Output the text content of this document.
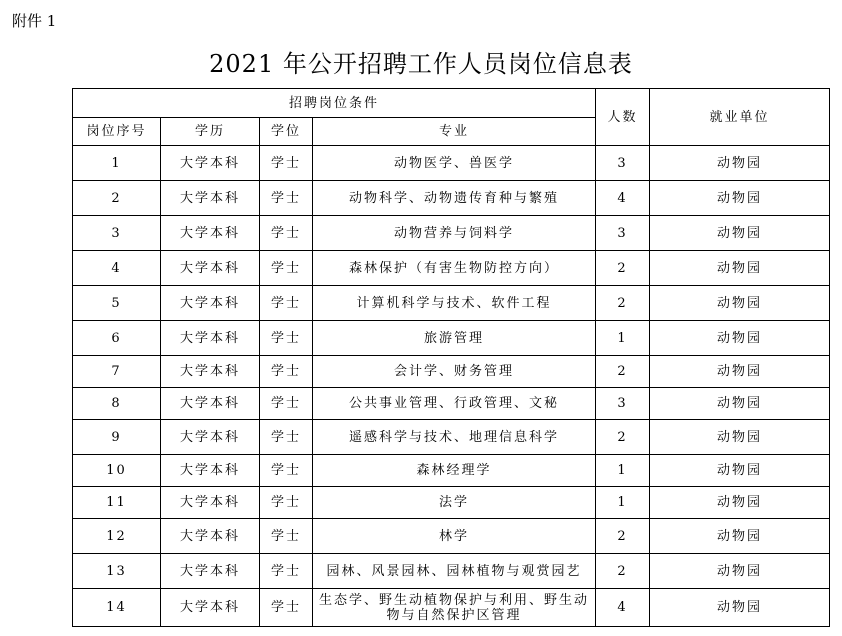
附件 1
2021 年公开招聘工作人员岗位信息表
招聘岗位条件				人数	就业单位
岗位序号	学历	学位	专业		
1	大学本科	学士	动物医学、兽医学	3	动物园
2	大学本科	学士	动物科学、动物遗传育种与繁殖	4	动物园
3	大学本科	学士	动物营养与饲料学	3	动物园
4	大学本科	学士	森林保护（有害生物防控方向）	2	动物园
5	大学本科	学士	计算机科学与技术、软件工程	2	动物园
6	大学本科	学士	旅游管理	1	动物园
7	大学本科	学士	会计学、财务管理	2	动物园
8	大学本科	学士	公共事业管理、行政管理、文秘	3	动物园
9	大学本科	学士	遥感科学与技术、地理信息科学	2	动物园
10	大学本科	学士	森林经理学	1	动物园
11	大学本科	学士	法学	1	动物园
12	大学本科	学士	林学	2	动物园
13	大学本科	学士	园林、风景园林、园林植物与观赏园艺	2	动物园
14	大学本科	学士	生态学、野生动植物保护与利用、野生动物与自然保护区管理	4	动物园
